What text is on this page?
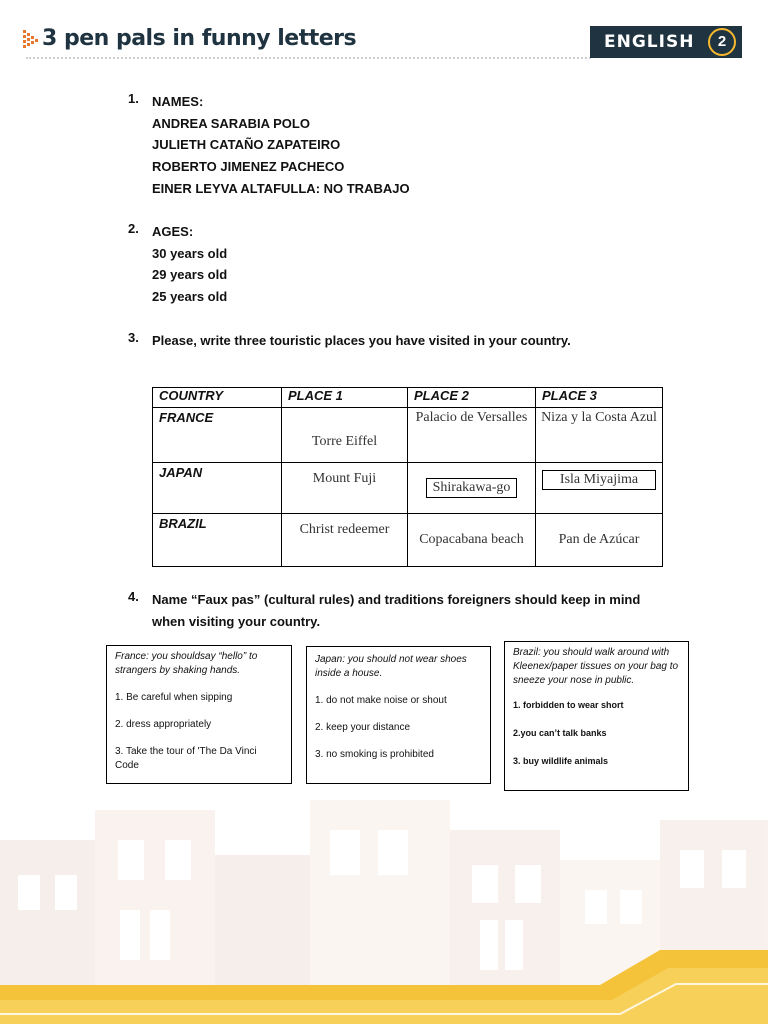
3 pen pals in funny letters	ENGLISH	2
1. NAMES:
ANDREA SARABIA POLO
JULIETH CATAÑO ZAPATEIRO
ROBERTO JIMENEZ PACHECO
EINER LEYVA ALTAFULLA: NO TRABAJO
2. AGES:
30 years old
29 years old
25 years old
3. Please, write three touristic places you have visited in your country.
COUNTRY	PLACE 1	PLACE 2	PLACE 3
FRANCE	Torre Eiffel	Palacio de Versalles	Niza y la Costa Azul
JAPAN	Mount Fuji	Shirakawa-go	Isla Miyajima

BRAZIL	Christ redeemer	Copacabana beach	Pan de Azúcar
4. Name “Faux pas” (cultural rules) and traditions foreigners should keep in mind
when visiting your country.

France: you shouldsay “hello” to strangers by shaking hands.

1. Be careful when sipping

2. dress appropriately

3. Take the tour of 'The Da Vinci Code

Japan: you should not wear shoes inside a house.

1. do not make noise or shout

2. keep your distance

3. no smoking is prohibited

Brazil: you should walk around with Kleenex/paper tissues on your bag to sneeze your nose in public.

1. forbidden to wear short

2.you can’t talk banks

3. buy wildlife animals
